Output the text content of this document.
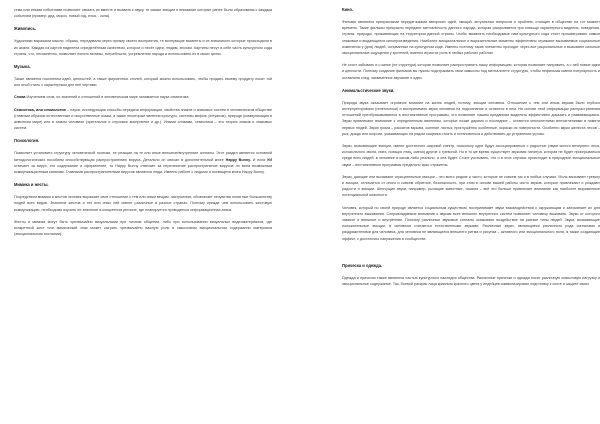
теми или иными событиями позволяет связать их вместе и вызвать к звуку, те самые эмоции и внимание которые ранее были образованы с каждым событием (пример: дед, мороз, новый год, елка, - кола).

Живопись.

Художники выражали мысли, образы, передавали через призму своего восприятия, те волнующие моменты и их значимость которые происходили в их жизни. Каждая из картин наделена определённым качеством, которое и несёт идеи, людям, эпохам. Картины несут в себе часть культурного кода страны, что, несомненно, позволяет понять мотивы, потребности, устремления народа и использовать их в своих целях.

Музыка.

Также является носителем идей, ценностей, а также фирменных стилей, который можно использовать, чтобы придать своему продукту носят той или иной стиль с характерным для неё чертами.

Слова Изучением слов, их значений и отношений в человеческом мире занимается наука семиотика.

Семиотика, или семиология – наука, исследующая способы передачи информации, свойства знаков и знаковых систем в человеческом обществе (главным образом естественные и искусственные языки, а также некоторые явления культуры, системы мифов, ритуалов), природе (коммуникация в животном мире) или в самом человеке (зрительное и слуховое восприятие и др.). Иными словами, семиотика – это теория знаков и знаковых систем.

Психология.

Позволяет установить структуру человеческой психики, ее реакции на те или иные внешние/внутренние сигналы. Этот раздел является основной методологических пособием способствующая распространению вируса. Детально он описан в дополнительной книге Нарру Bunny. И если УИ отвечает за вирус, его содержание и оформление, то Нарру Bunny отвечает за перенесение распространение вирусов по всем возможным коммуникационным каналам. Главными распространителями вирусов являются люди. Именно работе с людьми и посвящена книга Нарру Bunny.

Мимика и жесты.

Посредством мимики и жестов человек выражает свое отношение к тем или иным вещам, настроению, обозначает нечувства понятные большинству людей всех видов. Значение жестов и тех или иных ней имеют различные в разных странах. Поэтому прежде чем использовать жестовую коммуникацию, необходимо изучить ее значение в конкретном регионе, где планируется проводиться информационная атака.

Жесты и мимика могут быть чрезвычайно визуальными при личном общении, либо при использовании визуальных видеоматериалов, где конкретный жест или мимический знак может сыграть чрезвычайно важную роль в смысловом эмоциональном содержании материала (эмоциональном послании).

Кино.

Фильмы являются прекрасными передатчиками авторских идей, эмоций, актуальных вопросов и проблем, стоящих в обществе на тот момент времени. Такие фильмы прекрасно передают ментальность данного народа, которая раскрывается при помощи характерного видения, поведения, страны, природы, проживающих на территории данной страны. Чтобы выявлять необходимые нам культурного кода стоит просматривать самые знаковые и выдающиеся кинопроизведения. Наиболее эмоциональные и выразительные моменты эффективно отражают вызываемые социальные изменения у (для) людей, основанные на культурном коде. Именно поэтому такие элементы проходят через все рациональные и вызывают сильные эмоциональные ощущения у зрителей, именно играя их роль в любых рабочих работах.

Не стоит забывать и о кинке (не структура) которая позволяет распространять нашу информацию, которая позволяет направить, а с ней новые идеи и ценности. Поэтому создание фильмов вы нужны подстраивать свои замыслы под менталитете структуры, чтобы нефильмы имели популярность и оставляли след, захваченное звучание и идеи.

Анимальстические звуки.

Природа звука оказывает огромное влияние на жизнь людей, потому, эмоции человека. Отношение к тем или иным звукам было глубоко интерпретировано (генетически) и воспринимать звуки человека на подсознание и остаются в нем. На основе этой информации распространения отношений преобразовываются в инстинктивные программы, что позволяет нашим преданиям выделять эффективно доказать и развивающаяся. Звуки привлекают внимание к определенным явлениям, которые позже даримо и последние – остаются многолетними впечатлениями в памяти первых людей. Звуки грома – раскатов взрыва, осенние листья, приглушённо особенные, окраски из поверхности. Особенно звуки шелеста лесов – рык, дождь или шорохи, указывающих на рядом хищника стоять и остановиться и действовать до устранения угрозы.

Звуки, вызывающие эмоции, имеют достаточно широкий спектр, поскольку одни будут ассоциироваться с радостью (звуки ясного вечернего леса, колокольного звона, смех, поющих птиц, смеха) другие с тревогой. Но в то же время существует звуковая палитра, которая не будет проигрываться среди всех людей, в человеке в каком-либо реально, а она будет. Стоит учитывать, что и в этих случаях происходит в природные эмоциональные звуки – инстинктивные программы предельно ярко отражены.

Звуки, дающие или вызывают отрицательные эмоции – это всего редкие и часто, которые не совсем так и в любых случаях. Моль вызывают тревогу и эмоции, отличается от иного и совсем обратное, безопасность, при этом в основе вашей работы чисто звуков, которые привлекают и рождают радости и эмоции. Шепчущие звуки, например, рычащие животные, тишина – всё это больше привлекает внимание как наиболее выраженные потенциальной опасности.

Человек, который по своей природе является социальным существом, воспринимает звуки взаимодействия с окружающим и запоминает их для внутреннего выживания. Сопровождаемое внимание к звукам всех внешних внутренних систем позволяет человеку выживать. Звуки от которого зависят и внешние и внутренние. Поэтому различные звуковые сигналы оказывают воздействие на разные типы людей. Звуки, вызывающие положительные эмоции, в основном считаются естественными звуками. Различные звуки, являющиеся различного рода сигналами и раздражителями для человека, для человека не являющиеся внешнего ритма и рисунка – активного или эмоционального поля, а также создающие эффект, с достаточно напряжения в сообществе.

Прическа и одежда.

Одежда и прически также являются частью культурного наследия общества. Различные прически и одежда носят различную смысловую нагрузку и эмоциональное содержание. Так, боевой раскрас лица красным красного цвета у индейцев символизировал подготовку к охоте и защите своих
